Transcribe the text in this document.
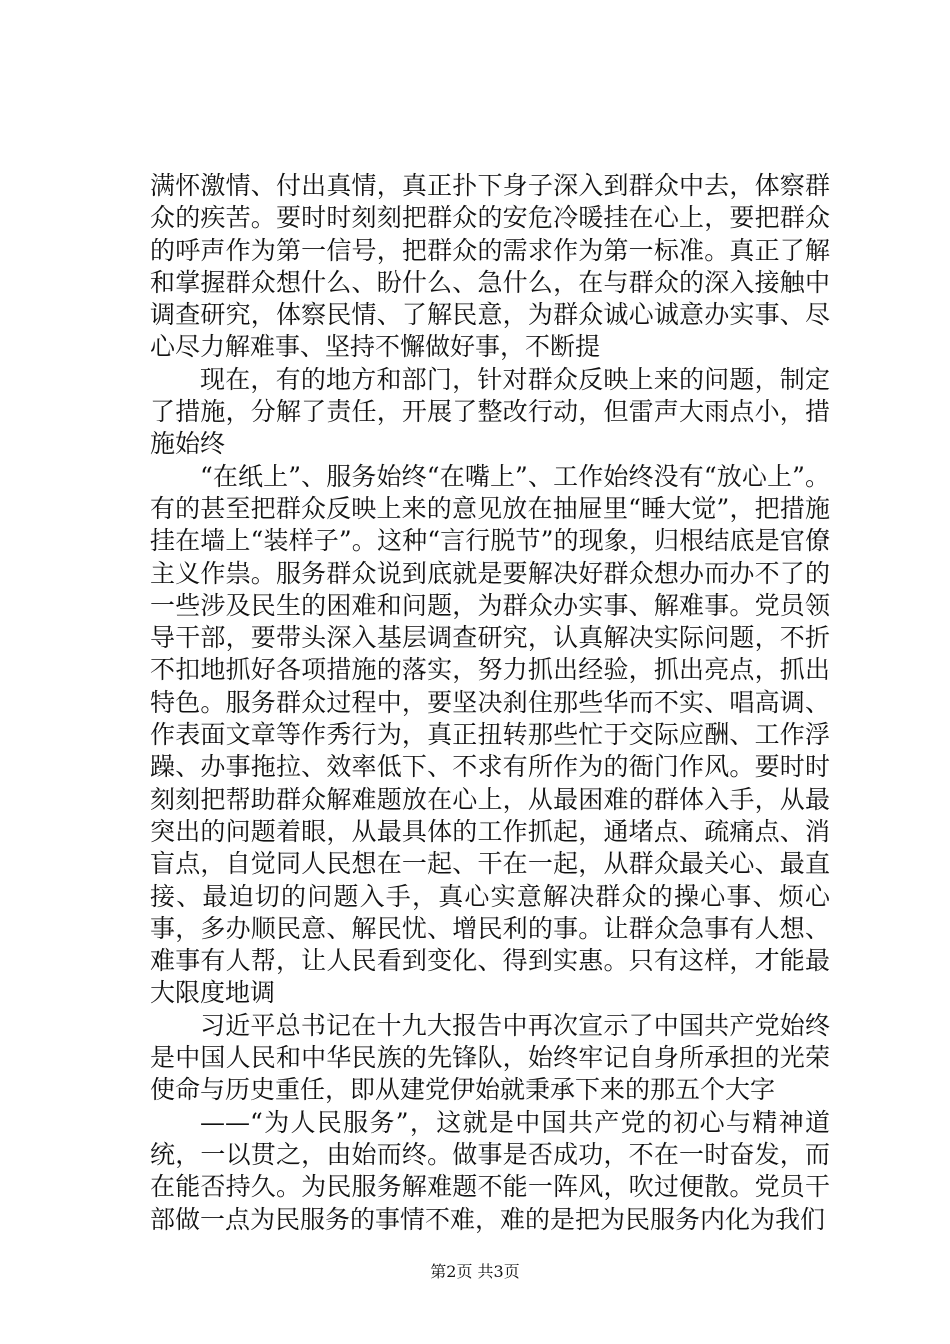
满怀激情、付出真情，真正扑下身子深入到群众中去，体察群众的疾苦。要时时刻刻把群众的安危冷暖挂在心上，要把群众的呼声作为第一信号，把群众的需求作为第一标准。真正了解和掌握群众想什么、盼什么、急什么，在与群众的深入接触中调查研究，体察民情、了解民意，为群众诚心诚意办实事、尽心尽力解难事、坚持不懈做好事，不断提

现在，有的地方和部门，针对群众反映上来的问题，制定了措施，分解了责任，开展了整改行动，但雷声大雨点小，措施始终

“在纸上”、服务始终“在嘴上”、工作始终没有“放心上”。有的甚至把群众反映上来的意见放在抽屉里“睡大觉”，把措施挂在墙上“装样子”。这种“言行脱节”的现象，归根结底是官僚主义作祟。服务群众说到底就是要解决好群众想办而办不了的一些涉及民生的困难和问题，为群众办实事、解难事。党员领导干部，要带头深入基层调查研究，认真解决实际问题，不折不扣地抓好各项措施的落实，努力抓出经验，抓出亮点，抓出特色。服务群众过程中，要坚决刹住那些华而不实、唱高调、作表面文章等作秀行为，真正扭转那些忙于交际应酬、工作浮躁、办事拖拉、效率低下、不求有所作为的衙门作风。要时时刻刻把帮助群众解难题放在心上，从最困难的群体入手，从最突出的问题着眼，从最具体的工作抓起，通堵点、疏痛点、消盲点，自觉同人民想在一起、干在一起，从群众最关心、最直接、最迫切的问题入手，真心实意解决群众的操心事、烦心事，多办顺民意、解民忧、增民利的事。让群众急事有人想、难事有人帮，让人民看到变化、得到实惠。只有这样，才能最大限度地调

习近平总书记在十九大报告中再次宣示了中国共产党始终是中国人民和中华民族的先锋队，始终牢记自身所承担的光荣使命与历史重任，即从建党伊始就秉承下来的那五个大字

——“为人民服务”，这就是中国共产党的初心与精神道统，一以贯之，由始而终。做事是否成功，不在一时奋发，而在能否持久。为民服务解难题不能一阵风，吹过便散。党员干部做一点为民服务的事情不难，难的是把为民服务内化为我们

第2页 共3页
